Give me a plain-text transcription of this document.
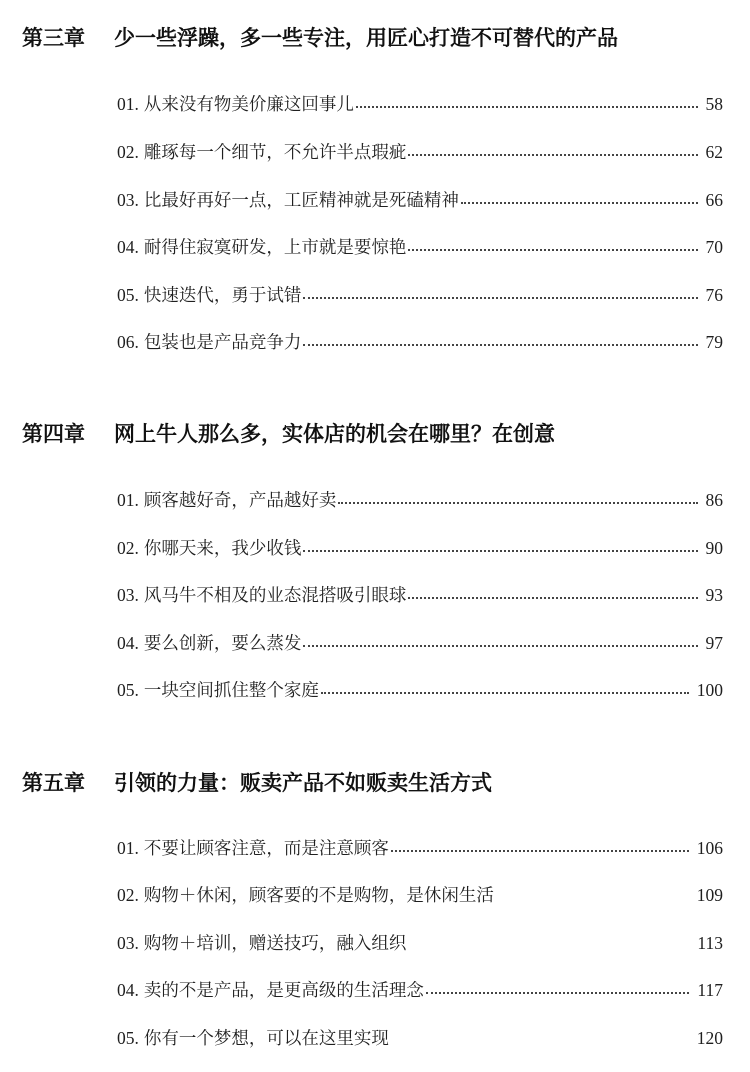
第三章 少一些浮躁，多一些专注，用匠心打造不可替代的产品
01. 从来没有物美价廉这回事儿	58
02. 雕琢每一个细节，不允许半点瑕疵	62
03. 比最好再好一点，工匠精神就是死磕精神	66
04. 耐得住寂寞研发，上市就是要惊艳	70
05. 快速迭代，勇于试错	76
06. 包装也是产品竞争力	79
第四章 网上牛人那么多，实体店的机会在哪里？在创意
01. 顾客越好奇，产品越好卖	86
02. 你哪天来，我少收钱	90
03. 风马牛不相及的业态混搭吸引眼球	93
04. 要么创新，要么蒸发	97
05. 一块空间抓住整个家庭	100
第五章 引领的力量：贩卖产品不如贩卖生活方式
01. 不要让顾客注意，而是注意顾客	106
02. 购物＋休闲，顾客要的不是购物，是休闲生活	109
03. 购物＋培训，赠送技巧，融入组织	113
04. 卖的不是产品，是更高级的生活理念	117
05. 你有一个梦想，可以在这里实现	120
